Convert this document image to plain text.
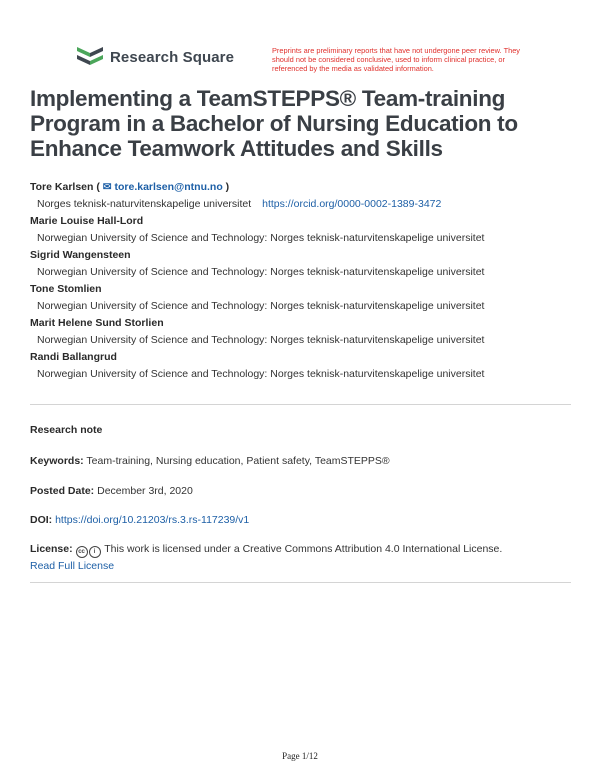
Research Square	Preprints are preliminary reports that have not undergone peer review. They should not be considered conclusive, used to inform clinical practice, or referenced by the media as validated information.
Implementing a TeamSTEPPS® Team-training Program in a Bachelor of Nursing Education to Enhance Teamwork Attitudes and Skills
Tore Karlsen ( ✉ tore.karlsen@ntnu.no )
Norges teknisk-naturvitenskapelige universitet https://orcid.org/0000-0002-1389-3472
Marie Louise Hall-Lord
Norwegian University of Science and Technology: Norges teknisk-naturvitenskapelige universitet
Sigrid Wangensteen
Norwegian University of Science and Technology: Norges teknisk-naturvitenskapelige universitet
Tone Stomlien
Norwegian University of Science and Technology: Norges teknisk-naturvitenskapelige universitet
Marit Helene Sund Storlien
Norwegian University of Science and Technology: Norges teknisk-naturvitenskapelige universitet
Randi Ballangrud
Norwegian University of Science and Technology: Norges teknisk-naturvitenskapelige universitet
Research note
Keywords: Team-training, Nursing education, Patient safety, TeamSTEPPS®
Posted Date: December 3rd, 2020
DOI: https://doi.org/10.21203/rs.3.rs-117239/v1
License: cc i This work is licensed under a Creative Commons Attribution 4.0 International License.
Read Full License
Page 1/12
